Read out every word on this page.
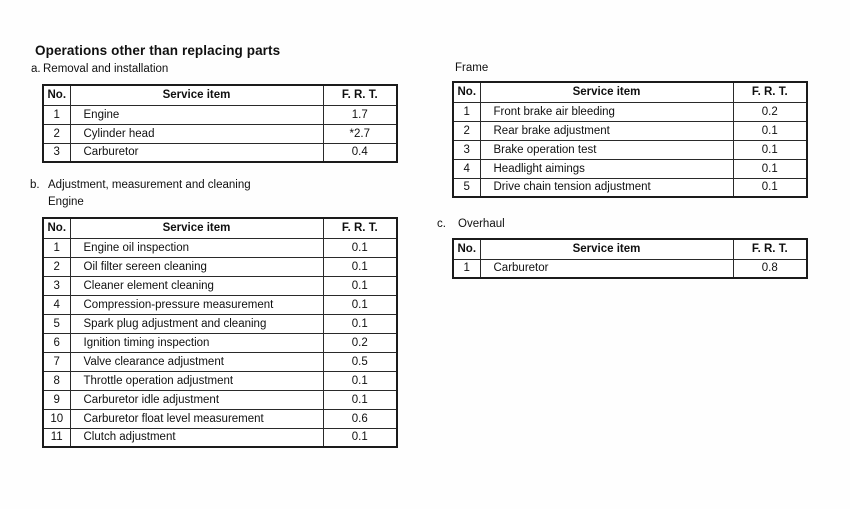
Operations other than replacing parts
a. Removal and installation
No.	Service item	F. R. T.
1	Engine	1.7
2	Cylinder head	*2.7
3	Carburetor	0.4
b. Adjustment, measurement and cleaning
Engine
No.	Service item	F. R. T.
1	Engine oil inspection	0.1
2	Oil filter sereen cleaning	0.1
3	Cleaner element cleaning	0.1
4	Compression-pressure measurement	0.1
5	Spark plug adjustment and cleaning	0.1
6	Ignition timing inspection	0.2
7	Valve clearance adjustment	0.5
8	Throttle operation adjustment	0.1
9	Carburetor idle adjustment	0.1
10	Carburetor float level measurement	0.6
11	Clutch adjustment	0.1
Frame
No.	Service item	F. R. T.
1	Front brake air bleeding	0.2
2	Rear brake adjustment	0.1
3	Brake operation test	0.1
4	Headlight aimings	0.1
5	Drive chain tension adjustment	0.1
c.	Overhaul
No.	Service item	F. R. T.
1	Carburetor	0.8
